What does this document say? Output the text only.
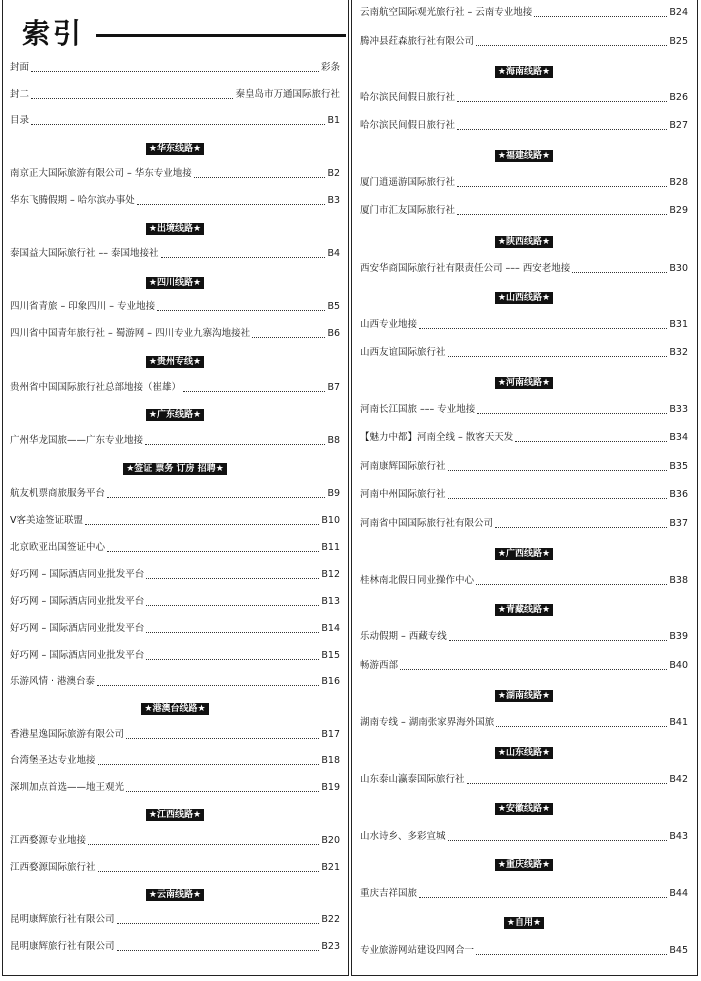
索引
封面	彩条
封二	秦皇岛市万通国际旅行社
目录	B1
★华东线路★
南京正大国际旅游有限公司 – 华东专业地接	B2
华东飞腾假期 – 哈尔滨办事处	B3
★出境线路★
泰国益大国际旅行社 –– 泰国地接社	B4
★四川线路★
四川省青旅 – 印象四川 – 专业地接	B5
四川省中国青年旅行社 – 蜀游网 – 四川专业九寨沟地接社	B6
★贵州专线★
贵州省中国国际旅行社总部地接（崔雄）	B7
★广东线路★
广州华龙国旅——广东专业地接	B8
★签证 票务 订房 招聘★
航友机票商旅服务平台	B9
V客美途签证联盟	B10
北京欧亚出国签证中心	B11
好巧网 – 国际酒店同业批发平台	B12
好巧网 – 国际酒店同业批发平台	B13
好巧网 – 国际酒店同业批发平台	B14
好巧网 – 国际酒店同业批发平台	B15
乐游风情 · 港澳台泰	B16
★港澳台线路★
香港星逸国际旅游有限公司	B17
台湾堡圣达专业地接	B18
深圳加点首选——地王观光	B19
★江西线路★
江西婺源专业地接	B20
江西婺源国际旅行社	B21
★云南线路★
昆明康辉旅行社有限公司	B22
昆明康辉旅行社有限公司	B23
云南航空国际观光旅行社 – 云南专业地接	B24
腾冲县荭森旅行社有限公司	B25
★海南线路★
哈尔滨民间假日旅行社	B26
哈尔滨民间假日旅行社	B27
★福建线路★
厦门逍遥游国际旅行社	B28
厦门市汇友国际旅行社	B29
★陕西线路★
西安华商国际旅行社有限责任公司 ––– 西安老地接	B30
★山西线路★
山西专业地接	B31
山西友谊国际旅行社	B32
★河南线路★
河南长江国旅 ––– 专业地接	B33
【魅力中都】河南全线 – 散客天天发	B34
河南康辉国际旅行社	B35
河南中州国际旅行社	B36
河南省中国国际旅行社有限公司	B37
★广西线路★
桂林南北假日同业操作中心	B38
★青藏线路★
乐动假期 – 西藏专线	B39
畅游西部	B40
★湖南线路★
湖南专线 – 湖南张家界海外国旅	B41
★山东线路★
山东泰山瀛泰国际旅行社	B42
★安徽线路★
山水诗乡、多彩宣城	B43
★重庆线路★
重庆吉祥国旅	B44
★自用★
专业旅游网站建设四网合一	B45
